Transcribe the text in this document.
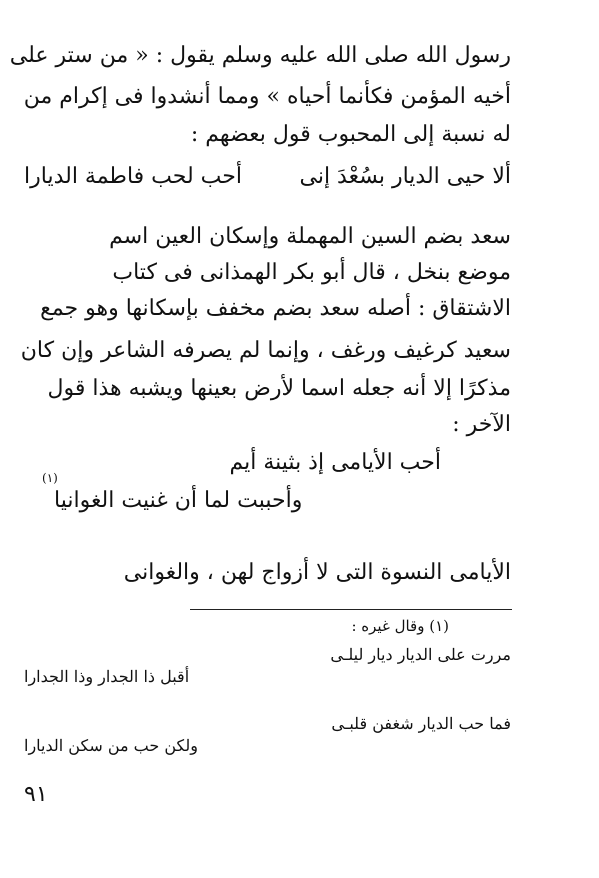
رسول الله صلى الله عليه وسلم يقول : « من ستر على
أخيه المؤمن فكأنما أحياه » ومما أنشدوا فى إكرام من
له نسبة إلى المحبوب قول بعضهم :
ألا حيى الديار بسُعْدَ إنى
أحب لحب فاطمة الديارا
سعد بضم السين المهملة وإسكان العين اسم
موضع بنخل ، قال أبو بكر الهمذانى فى كتاب
الاشتقاق : أصله سعد بضم مخفف بإسكانها وهو جمع
سعيد كرغيف ورغف ، وإنما لم يصرفه الشاعر وإن كان
مذكرًا إلا أنه جعله اسما لأرض بعينها ويشبه هذا قول
الآخر :
أحب الأيامى إذ بثينة أيم
(١)
وأحببت لما أن غنيت الغوانيا
الأيامى النسوة التى لا أزواج لهن ، والغوانى
(١) وقال غيره :
مررت على الديار ديار ليلـى
أقبل ذا الجدار وذا الجدارا
فما حب الديار شغفن قلبـى
ولكن حب من سكن الديارا
٩١
